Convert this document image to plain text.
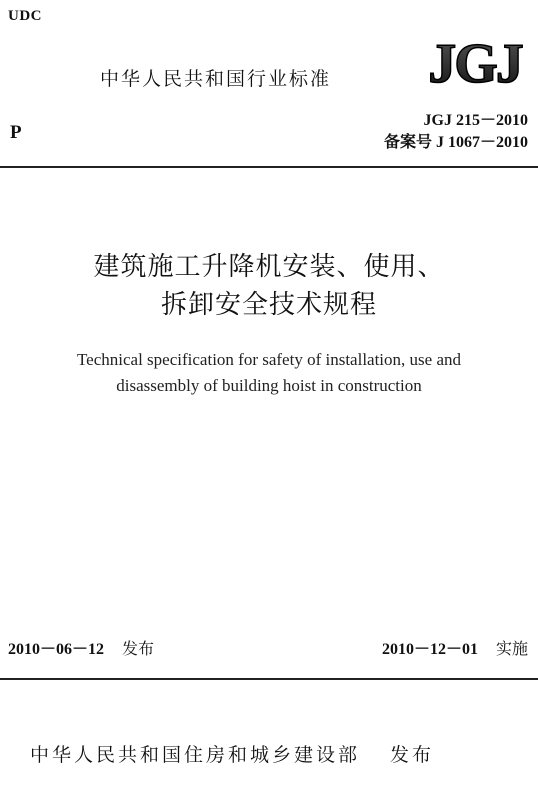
UDC
中华人民共和国行业标准 JGJ
P
JGJ 215－2010
备案号 J 1067－2010
建筑施工升降机安装、使用、
拆卸安全技术规程
Technical specification for safety of installation, use and
disassembly of building hoist in construction
2010－06－12 发布	2010－12－01 实施
中华人民共和国住房和城乡建设部 发布
